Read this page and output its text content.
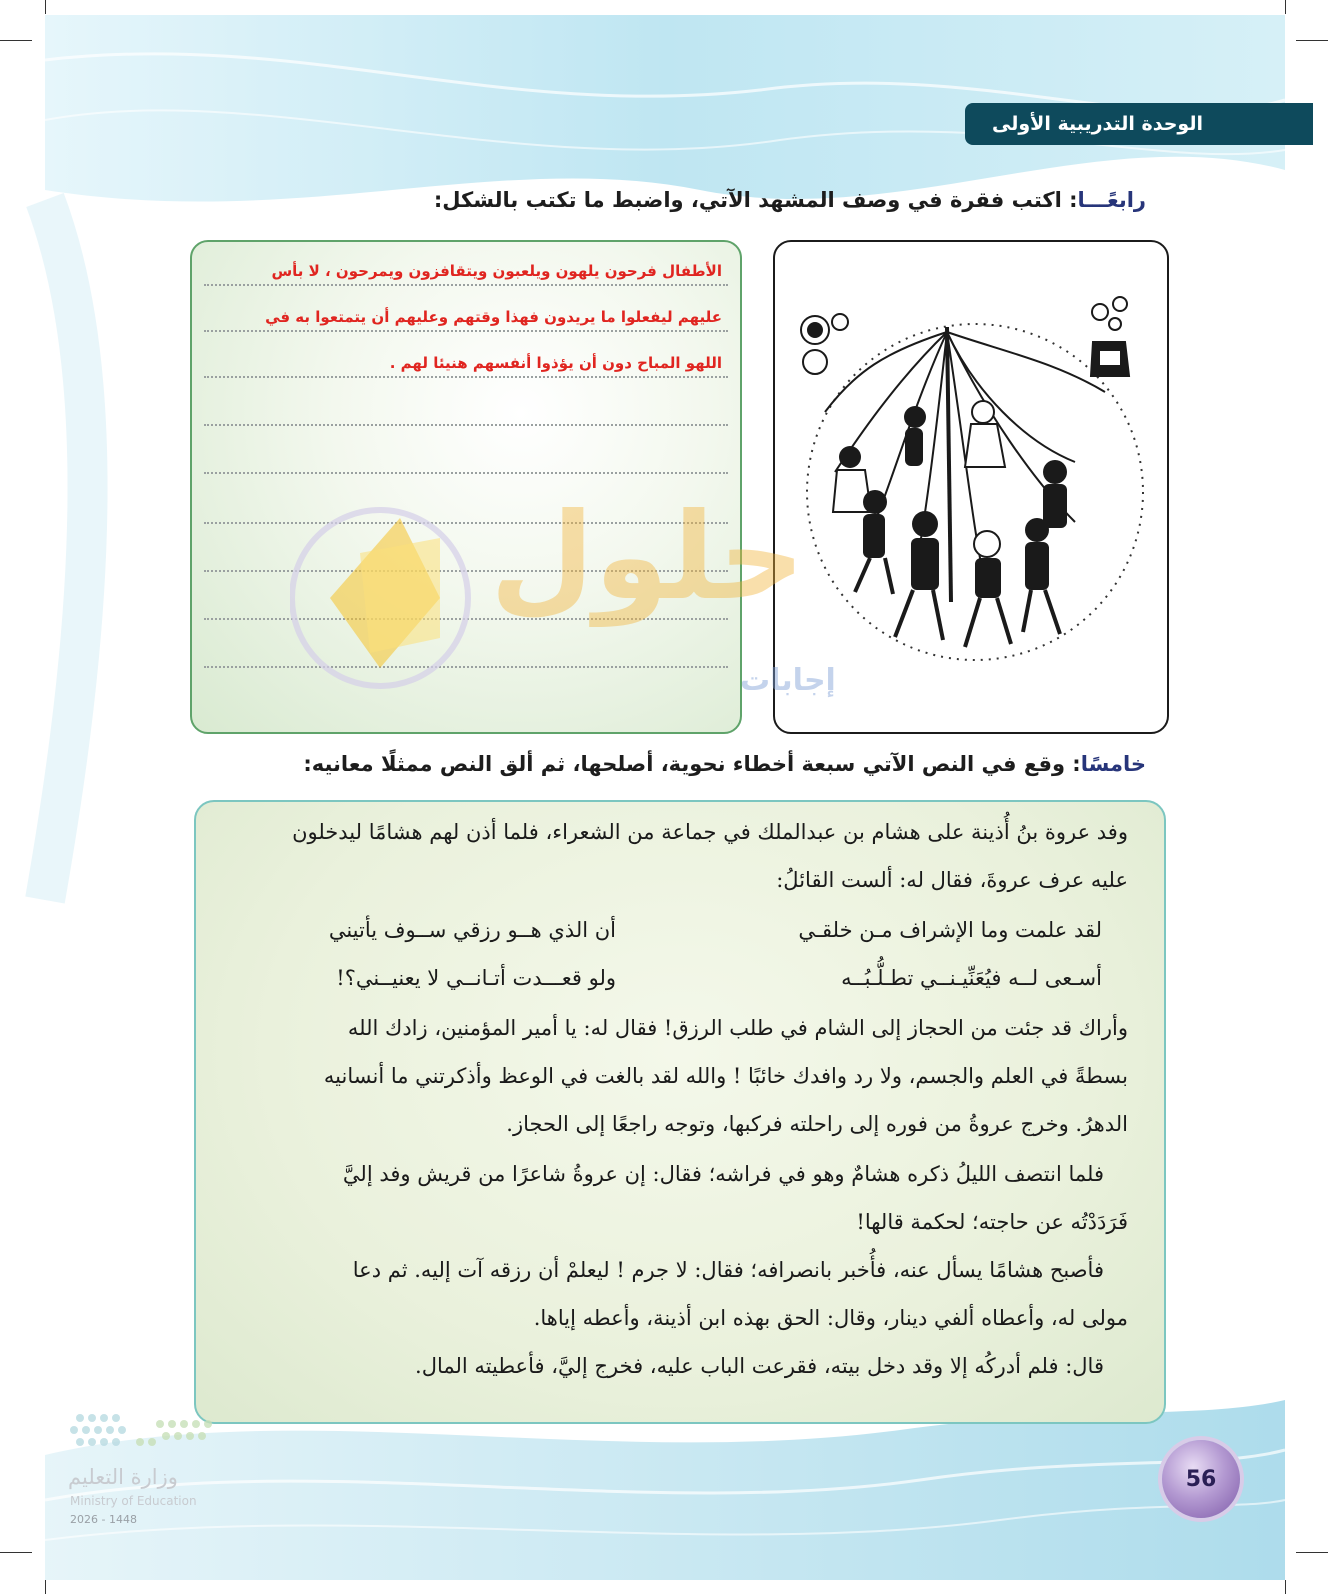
الوحدة التدريبية الأولى
رابعًـــا: اكتب فقرة في وصف المشهد الآتي، واضبط ما تكتب بالشكل:
الأطفال فرحون يلهون ويلعبون ويتقافزون ويمرحون ، لا بأس
عليهم ليفعلوا ما يريدون فهذا وقتهم وعليهم أن يتمتعوا به في
اللهو المباح دون أن يؤذوا أنفسهم هنيئا لهم .
حلول
إجابات
خامسًا: وقع في النص الآتي سبعة أخطاء نحوية، أصلحها، ثم ألق النص ممثلًا معانيه:
وفد عروة بنُ أُذينة على هشام بن عبدالملك في جماعة من الشعراء، فلما أذن لهم هشامًا ليدخلون
عليه عرف عروةَ، فقال له: ألست القائلُ:
لقد علمت وما الإشراف مـن خلقـي
أن الذي هــو رزقي ســوف يأتيني
أسـعى لــه فيُعَنِّيـنــي تطـلُّـبُــه
ولو قعـــدت أتـانــي لا يعنيــني؟!
وأراك قد جئت من الحجاز إلى الشام في طلب الرزق! فقال له: يا أمير المؤمنين، زادك الله
بسطةً في العلم والجسم، ولا رد وافدك خائبًا ! والله لقد بالغت في الوعظ وأذكرتني ما أنسانيه
الدهرُ. وخرج عروةُ من فوره إلى راحلته فركبها، وتوجه راجعًا إلى الحجاز.
فلما انتصف الليلُ ذكره هشامٌ وهو في فراشه؛ فقال: إن عروةُ شاعرًا من قريش وفد إليَّ
فَرَدَدْتُه عن حاجته؛ لحكمة قالها!
فأصبح هشامًا يسأل عنه، فأُخبر بانصرافه؛ فقال: لا جرم ! ليعلمْ أن رزقه آت إليه. ثم دعا
مولى له، وأعطاه ألفي دينار، وقال: الحق بهذه ابن أذينة، وأعطه إياها.
قال: فلم أدركُه إلا وقد دخل بيته، فقرعت الباب عليه، فخرج إليَّ، فأعطيته المال.
وزارة التعليم
Ministry of Education
2026 - 1448
56
